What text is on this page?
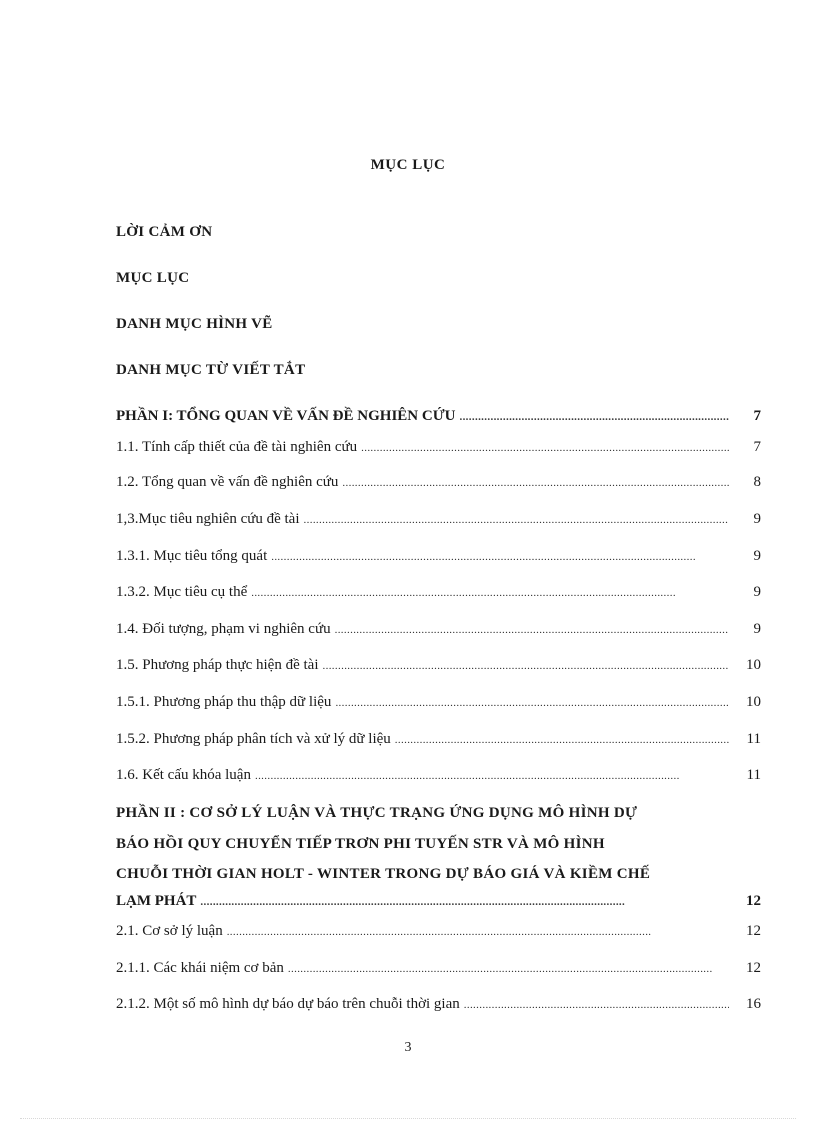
MỤC LỤC
LỜI CẢM ƠN
MỤC LỤC
DANH MỤC HÌNH VẼ
DANH MỤC TỪ VIẾT TẮT
PHẦN I: TỔNG QUAN VỀ VẤN ĐỀ NGHIÊN CỨU . . .	7
1.1. Tính cấp thiết của đề tài nghiên cứu . . .	7
1.2. Tổng quan về vấn đề nghiên cứu . . .	8
1,3.Mục tiêu nghiên cứu đề tài . . .	9
1.3.1. Mục tiêu tổng quát . . .	9
1.3.2. Mục tiêu cụ thể . . .	9
1.4. Đối tượng, phạm vi nghiên cứu . . .	9
1.5. Phương pháp thực hiện đề tài . . .	10
1.5.1. Phương pháp thu thập dữ liệu . . .	10
1.5.2. Phương pháp phân tích và xử lý dữ liệu . . .	11
1.6. Kết cấu khóa luận . . .	11
PHẦN II : CƠ SỞ LÝ LUẬN VÀ THỰC TRẠNG ỨNG DỤNG MÔ HÌNH DỰ
BÁO HỒI QUY CHUYỂN TIẾP TRƠN PHI TUYẾN STR VÀ MÔ HÌNH
CHUỖI THỜI GIAN HOLT - WINTER TRONG DỰ BÁO GIÁ VÀ KIỀM CHẾ
LẠM PHÁT . . .	12
2.1. Cơ sở lý luận . . .	12
2.1.1. Các khái niệm cơ bản . . .	12
2.1.2. Một số mô hình dự báo dự báo trên chuỗi thời gian . . .	16
3
